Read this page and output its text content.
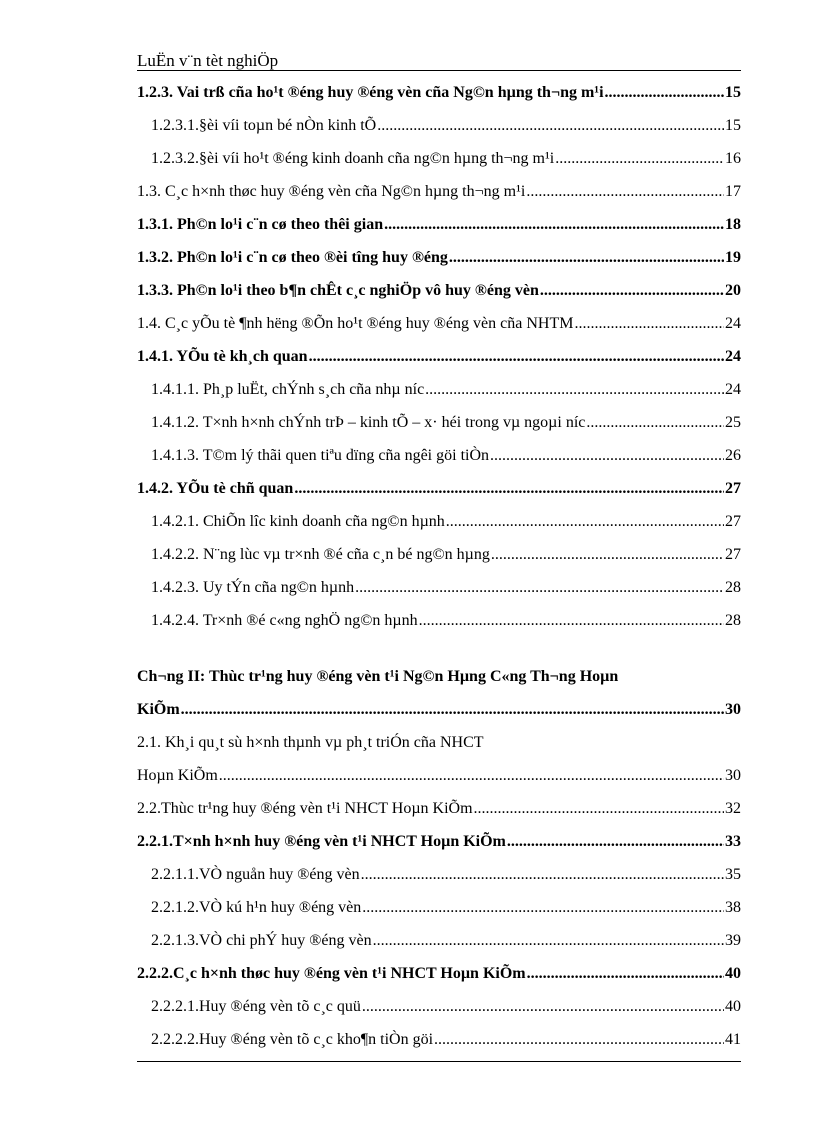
LuËn v¨n tèt nghiÖp
1.2.3. Vai trß cña ho¹t ®éng huy ®éng vèn cña Ng©n hµng th¬ng m¹i .....	15
1.2.3.1.§èi víi toµn bé nÒn kinh tÕ .....	15
1.2.3.2.§èi víi ho¹t ®éng kinh doanh cña ng©n hµng th¬ng m¹i .....	16
1.3. C¸c h×nh thøc huy ®éng vèn cña Ng©n hµng th¬ng m¹i .....	17
1.3.1. Ph©n lo¹i c¨n cø theo thêi gian .....	18
1.3.2. Ph©n lo¹i c¨n cø theo ®èi tîng huy ®éng .....	19
1.3.3. Ph©n lo¹i theo b¶n chÊt c¸c nghiÖp vô huy ®éng vèn .....	20
1.4. C¸c yÕu tè ¶nh hëng ®Õn ho¹t ®éng huy ®éng vèn cña NHTM .....	24
1.4.1. YÕu tè kh¸ch quan .....	24
1.4.1.1. Ph¸p luËt, chÝnh s¸ch cña nhµ níc .....	24
1.4.1.2. T×nh h×nh chÝnh trÞ – kinh tÕ – x· héi trong vµ ngoµi níc .....	25
1.4.1.3. T©m lý thãi quen tiªu dïng cña ngêi göi tiÒn .....	26
1.4.2. YÕu tè chñ quan .....	27
1.4.2.1. ChiÕn lîc kinh doanh cña ng©n hµnh .....	27
1.4.2.2. N¨ng lùc vµ tr×nh ®é cña c¸n bé ng©n hµng .....	27
1.4.2.3. Uy tÝn cña ng©n hµnh .....	28
1.4.2.4. Tr×nh ®é c«ng nghÖ ng©n hµnh .....	28
Ch¬ng II: Thùc tr¹ng huy ®éng vèn t¹i Ng©n Hµng C«ng Th¬ng Hoµn
KiÕm .....	30
2.1. Kh¸i qu¸t sù h×nh thµnh vµ ph¸t triÓn cña NHCT
Hoµn KiÕm .....	30
2.2.Thùc tr¹ng huy ®éng vèn t¹i NHCT Hoµn KiÕm .....	32
2.2.1.T×nh h×nh huy ®éng vèn t¹i NHCT Hoµn KiÕm .....	33
2.2.1.1.VÒ nguån huy ®éng vèn .....	35
2.2.1.2.VÒ kú h¹n huy ®éng vèn .....	38
2.2.1.3.VÒ chi phÝ huy ®éng vèn .....	39
2.2.2.C¸c h×nh thøc huy ®éng vèn t¹i NHCT Hoµn KiÕm .....	40
2.2.2.1.Huy ®éng vèn tõ c¸c quü .....	40
2.2.2.2.Huy ®éng vèn tõ c¸c kho¶n tiÒn göi .....	41
